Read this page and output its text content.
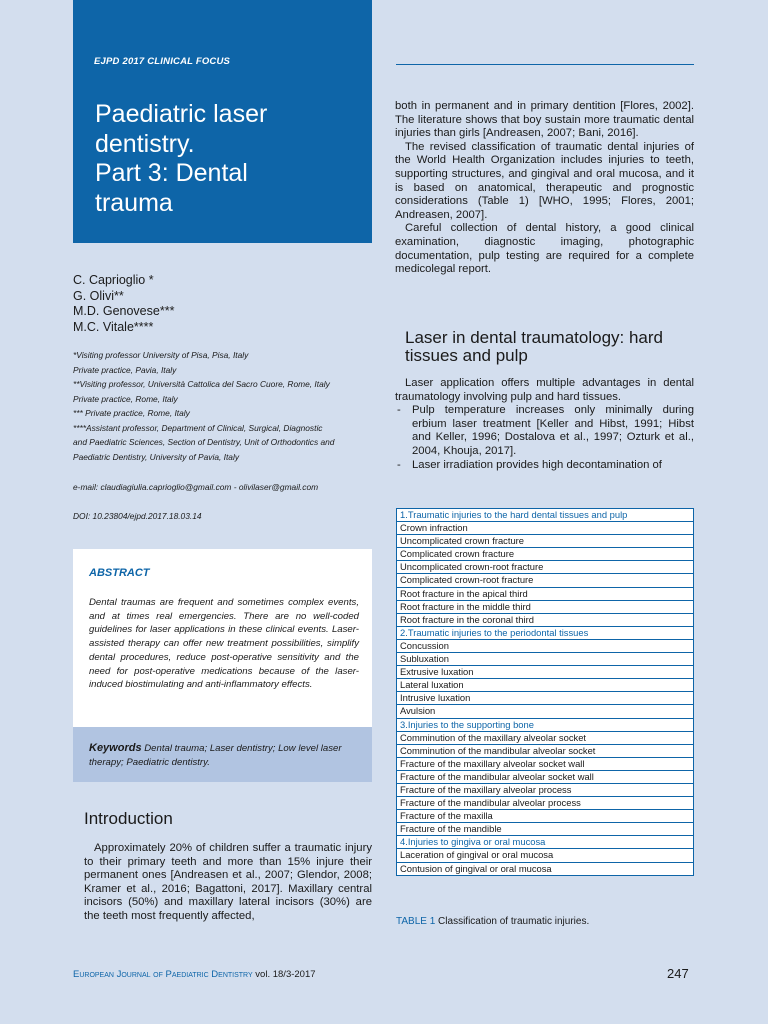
EJPD 2017 CLINICAL FOCUS
Paediatric laser
dentistry.
Part 3: Dental
trauma
C. Caprioglio *
G. Olivi**
M.D. Genovese***
M.C. Vitale****
*Visiting professor University of Pisa, Pisa, Italy
Private practice, Pavia, Italy
**Visiting professor, Università Cattolica del Sacro Cuore, Rome, Italy
Private practice, Rome, Italy
*** Private practice, Rome, Italy
****Assistant professor, Department of Clinical, Surgical, Diagnostic
and Paediatric Sciences, Section of Dentistry, Unit of Orthodontics and
Paediatric Dentistry, University of Pavia, Italy
e-mail: claudiagiulia.caprioglio@gmail.com - olivilaser@gmail.com
DOI: 10.23804/ejpd.2017.18.03.14
ABSTRACT
Dental traumas are frequent and sometimes complex events, and at times real emergencies. There are no well-coded guidelines for laser applications in these clinical events. Laser-assisted therapy can offer new treatment possibilities, simplify dental procedures, reduce post-operative sensitivity and the need for post-operative medications because of the laser-induced biostimulating and anti-inflammatory effects.
Keywords Dental trauma; Laser dentistry; Low level laser therapy; Paediatric dentistry.
Introduction

Approximately 20% of children suffer a traumatic injury to their primary teeth and more than 15% injure their permanent ones [Andreasen et al., 2007; Glendor, 2008; Kramer et al., 2016; Bagattoni, 2017]. Maxillary central incisors (50%) and maxillary lateral incisors (30%) are the teeth most frequently affected,

both in permanent and in primary dentition [Flores, 2002]. The literature shows that boy sustain more traumatic dental injuries than girls [Andreasen, 2007; Bani, 2016].

The revised classification of traumatic dental injuries of the World Health Organization includes injuries to teeth, supporting structures, and gingival and oral mucosa, and it is based on anatomical, therapeutic and prognostic considerations (Table 1) [WHO, 1995; Flores, 2001; Andreasen, 2007].

Careful collection of dental history, a good clinical examination, diagnostic imaging, photographic documentation, pulp testing are required for a complete medicolegal report.

Laser in dental traumatology: hard tissues and pulp

Laser application offers multiple advantages in dental traumatology involving pulp and hard tissues.

- Pulp temperature increases only minimally during erbium laser treatment [Keller and Hibst, 1991; Hibst and Keller, 1996; Dostalova et al., 1997; Ozturk et al., 2004, Khouja, 2017].
- Laser irradiation provides high decontamination of
1.Traumatic injuries to the hard dental tissues and pulp
Crown infraction
Uncomplicated crown fracture
Complicated crown fracture
Uncomplicated crown-root fracture
Complicated crown-root fracture
Root fracture in the apical third
Root fracture in the middle third
Root fracture in the coronal third
2.Traumatic injuries to the periodontal tissues
Concussion
Subluxation
Extrusive luxation
Lateral luxation
Intrusive luxation
Avulsion
3.Injuries to the supporting bone
Comminution of the maxillary alveolar socket
Comminution of the mandibular alveolar socket
Fracture of the maxillary alveolar socket wall
Fracture of the mandibular alveolar socket wall
Fracture of the maxillary alveolar process
Fracture of the mandibular alveolar process
Fracture of the maxilla
Fracture of the mandible
4.Injuries to gingiva or oral mucosa
Laceration of gingival or oral mucosa
Contusion of gingival or oral mucosa
TABLE 1 Classification of traumatic injuries.
European Journal of Paediatric Dentistry vol. 18/3-2017	247
